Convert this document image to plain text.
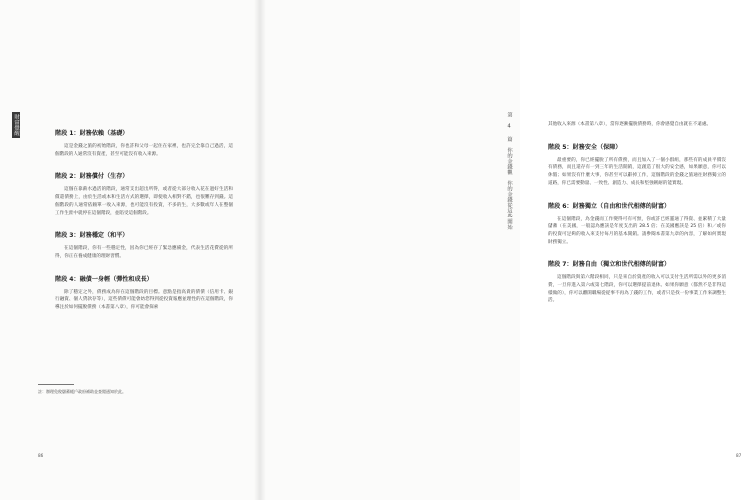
財富覺醒	階段 1：財務依賴（基礎）

這是金錢之旅的初始階段，你也許和父母一起住在家裡，也許完全靠自己過活，這個階段的人通常沒有資產，甚至可能沒有收入來源。

階段 2：財務償付（生存）

這個在靠薪水過活的階段，通常支出超出所得，或者從大部分收入花在過好生活和償還債務上，由於生活或本和生活方式的選擇，即使收入相對不錯，也很難存到錢。這個階段的人通常依賴單一收入來源，也可能沒有投資，不多的生，大多數或年人在整個工作生涯中就停在這個階段，並陷受這個階段。

階段 3：財務穩定（和平）

在這個階段，你有一些穩定性，因為你已經存了緊急應備金，代表生活花費從的所得，你正在養成健康的理財習慣。

階段 4：融債一身輕（彈性和成長）

除了穩定之外，債務成為你在這個階段的目標。意點是指高貴的債債（信用卡、銀行融資、個人貸款存等），這些債債可能會妨您得到從投資報應並理性的在這個階段，你導注於如何擺脫債務（本書第八章），你可能會探索

註：辦理免稅儲蓄帳戶政府補助並查閱通知於此。
86

其他收入來源（本書第八章），當你逐漸擺脫債務時，你會感覺自由就在不遠處。

階段 5：財務安全（保障）

最重要的，你已經擺脫了所有債務，而且加入了一個小群組，那些有的成員平價沒有債務，而且還存有一到三年的生活開銷，這創造了很大的安全感，如果願意，你可以休假；如果沒有什麼大事，你甚至可以辭掉工作，這個階段的金錢之旅通往財務獨立的道路，你已需要動量、一致性、創造力、成長和堅強韌耐的能實現。

階段 6：財務獨立（自由和世代相傳的財富）

在這個階段，為金錢而工作變得可有可無，你或許已經靈通了得資、並累積了大量儲蓄（在美國，一般認為應該是年度支出的 28.5 倍；在美國應該是 25 倍）和／或你的投資可足夠的收入來支付每月的基本開銷。請參閱本書第九章的內容，了解如何實現財務獨立。

階段 7：財務自由（獨立和世代相傳的財富）

這個階段與第六階段相同，只是來自於資產的收入可以支付生活所需以外的更多消費，一旦你進入第六或第七階段，你可以選擇提前退休。如果你願意（都然不是非得這樣做的），你可以離開職場從從事不再為了錢的工作，或者只是找一份事業工作來調整生活。

87
第 4 篇　你的金錢觀　你的金錢從這些開始
